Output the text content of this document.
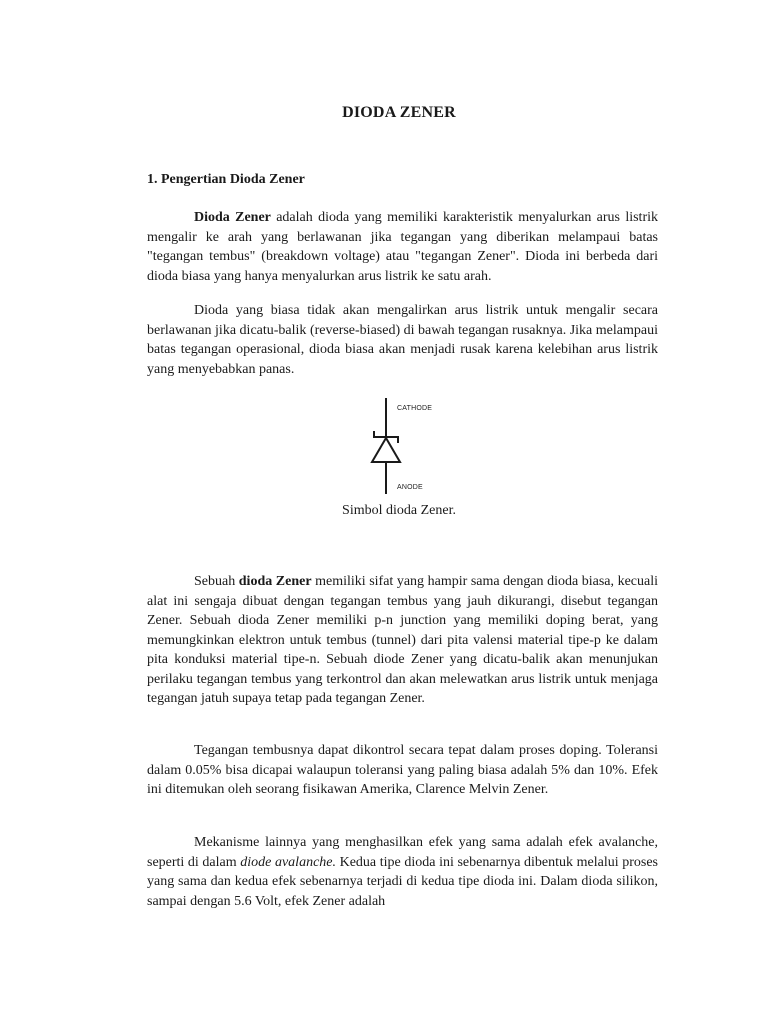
DIODA ZENER
1. Pengertian Dioda Zener

Dioda Zener adalah dioda yang memiliki karakteristik menyalurkan arus listrik mengalir ke arah yang berlawanan jika tegangan yang diberikan melampaui batas "tegangan tembus" (breakdown voltage) atau "tegangan Zener". Dioda ini berbeda dari dioda biasa yang hanya menyalurkan arus listrik ke satu arah.

Dioda yang biasa tidak akan mengalirkan arus listrik untuk mengalir secara berlawanan jika dicatu-balik (reverse-biased) di bawah tegangan rusaknya. Jika melampaui batas tegangan operasional, dioda biasa akan menjadi rusak karena kelebihan arus listrik yang menyebabkan panas.

CATHODE
ANODE
Simbol dioda Zener.

Sebuah dioda Zener memiliki sifat yang hampir sama dengan dioda biasa, kecuali alat ini sengaja dibuat dengan tegangan tembus yang jauh dikurangi, disebut tegangan Zener. Sebuah dioda Zener memiliki p-n junction yang memiliki doping berat, yang memungkinkan elektron untuk tembus (tunnel) dari pita valensi material tipe-p ke dalam pita konduksi material tipe-n. Sebuah diode Zener yang dicatu-balik akan menunjukan perilaku tegangan tembus yang terkontrol dan akan melewatkan arus listrik untuk menjaga tegangan jatuh supaya tetap pada tegangan Zener.

Tegangan tembusnya dapat dikontrol secara tepat dalam proses doping. Toleransi dalam 0.05% bisa dicapai walaupun toleransi yang paling biasa adalah 5% dan 10%. Efek ini ditemukan oleh seorang fisikawan Amerika, Clarence Melvin Zener.

Mekanisme lainnya yang menghasilkan efek yang sama adalah efek avalanche, seperti di dalam diode avalanche. Kedua tipe dioda ini sebenarnya dibentuk melalui proses yang sama dan kedua efek sebenarnya terjadi di kedua tipe dioda ini. Dalam dioda silikon, sampai dengan 5.6 Volt, efek Zener adalah
